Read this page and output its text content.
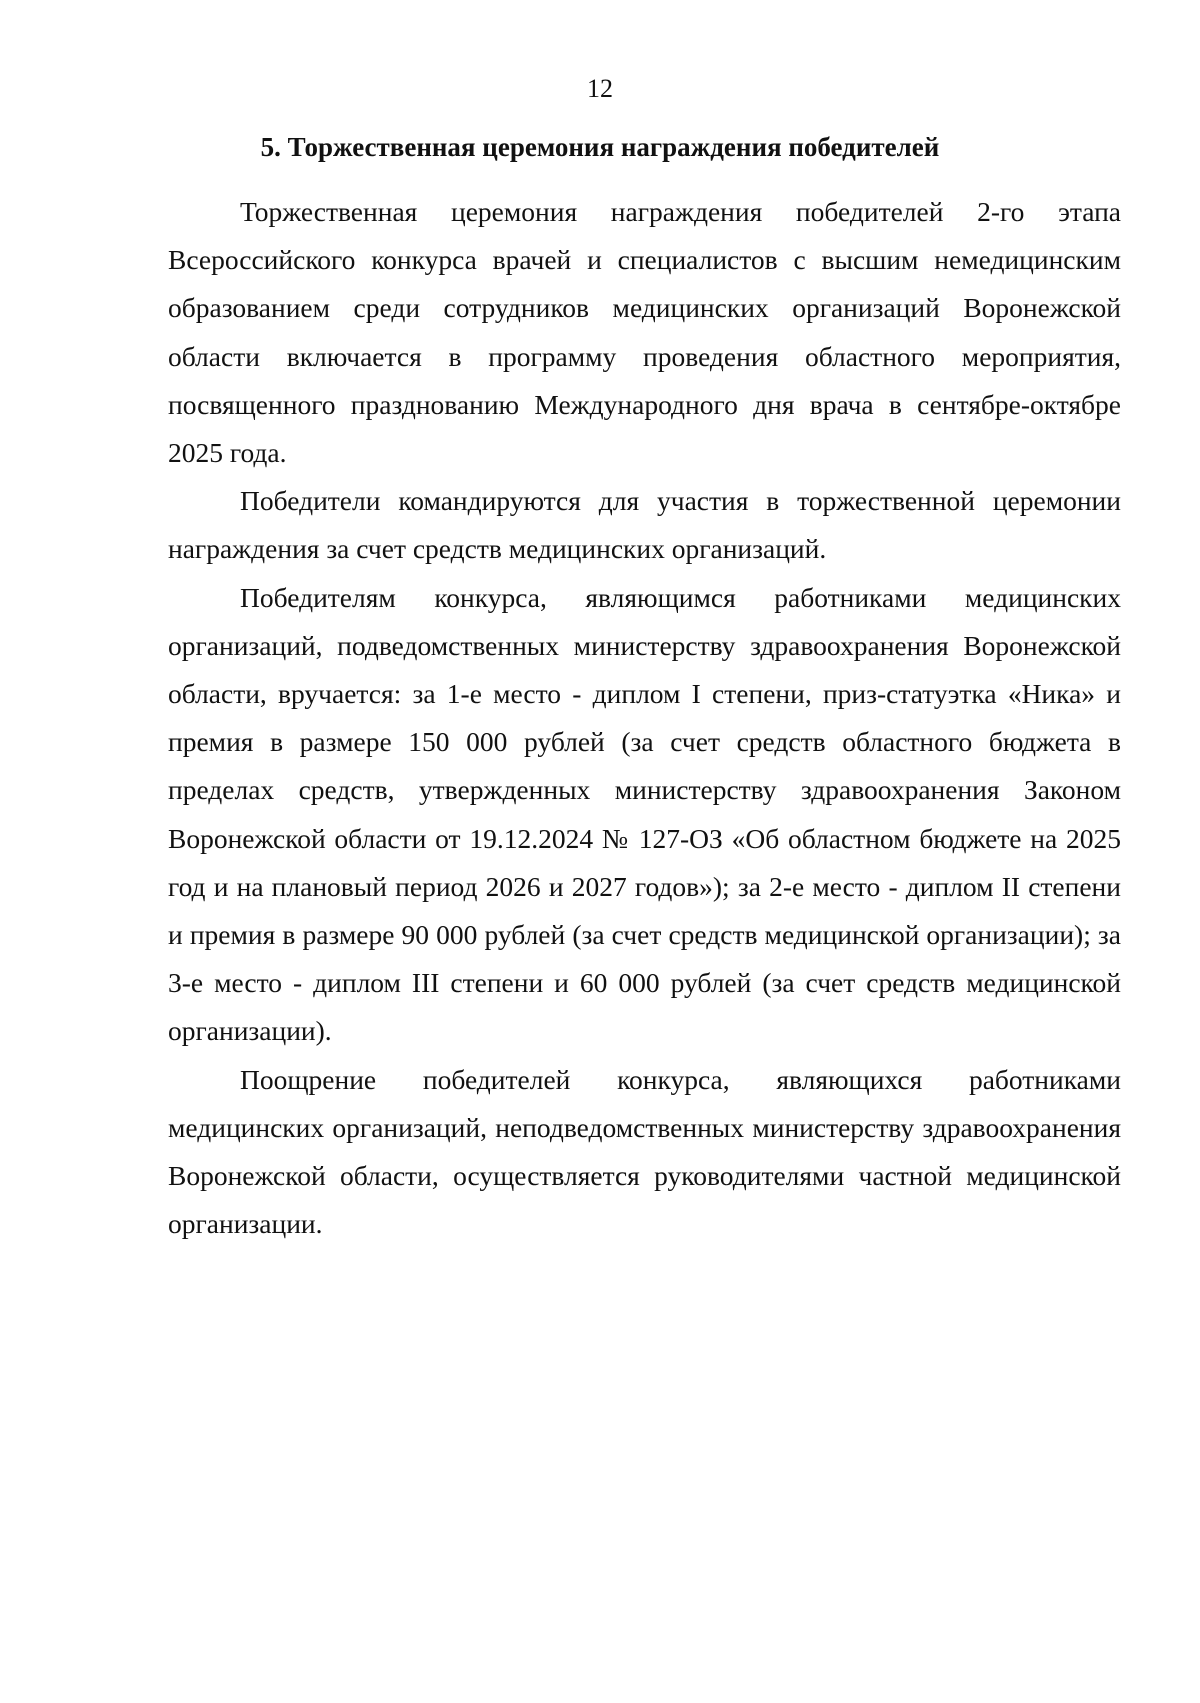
12
5. Торжественная церемония награждения победителей

Торжественная церемония награждения победителей 2-го этапа Всероссийского конкурса врачей и специалистов с высшим немедицинским образованием среди сотрудников медицинских организаций Воронежской области включается в программу проведения областного мероприятия, посвященного празднованию Международного дня врача в сентябре-октябре 2025 года.

Победители командируются для участия в торжественной церемонии награждения за счет средств медицинских организаций.

Победителям конкурса, являющимся работниками медицинских организаций, подведомственных министерству здравоохранения Воронежской области, вручается: за 1-е место - диплом I степени, приз-статуэтка «Ника» и премия в размере 150 000 рублей (за счет средств областного бюджета в пределах средств, утвержденных министерству здравоохранения Законом Воронежской области от 19.12.2024 № 127-ОЗ «Об областном бюджете на 2025 год и на плановый период 2026 и 2027 годов»); за 2-е место - диплом II степени и премия в размере 90 000 рублей (за счет средств медицинской организации); за 3-е место - диплом III степени и 60 000 рублей (за счет средств медицинской организации).

Поощрение победителей конкурса, являющихся работниками медицинских организаций, неподведомственных министерству здравоохранения Воронежской области, осуществляется руководителями частной медицинской организации.
